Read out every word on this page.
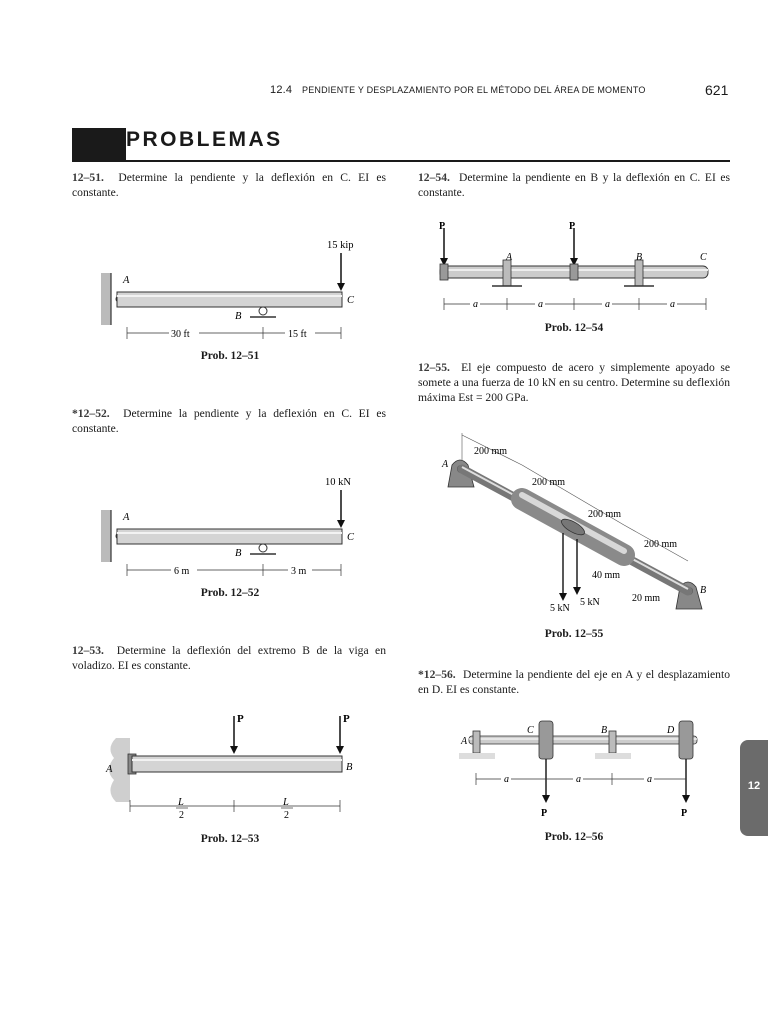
12.4 PENDIENTE Y DESPLAZAMIENTO POR EL MÉTODO DEL ÁREA DE MOMENTO	621
PROBLEMAS
12–51. Determine la pendiente y la deflexión en C. EI es constante.
15 kip
A
B
C
30 ft	15 ft
Prob. 12–51
*12–52. Determine la pendiente y la deflexión en C. EI es constante.
10 kN
A
B
C
6 m	3 m
Prob. 12–52
12–53. Determine la deflexión del extremo B de la viga en voladizo. EI es constante.
P	P
A	B
L
2
L
2
Prob. 12–53
12–54. Determine la pendiente en B y la deflexión en C. EI es constante.
P	P
A	B	C
a	a	a	a
Prob. 12–54
12–55. El eje compuesto de acero y simplemente apoyado se somete a una fuerza de 10 kN en su centro. Determine su deflexión máxima Est = 200 GPa.
200 mm
200 mm
200 mm
200 mm
40 mm
20 mm
5 kN
5 kN
A
B
Prob. 12–55
*12–56. Determine la pendiente del eje en A y el desplazamiento en D. EI es constante.
P	P
A
C	B	D
a	a	a
Prob. 12–56
12
